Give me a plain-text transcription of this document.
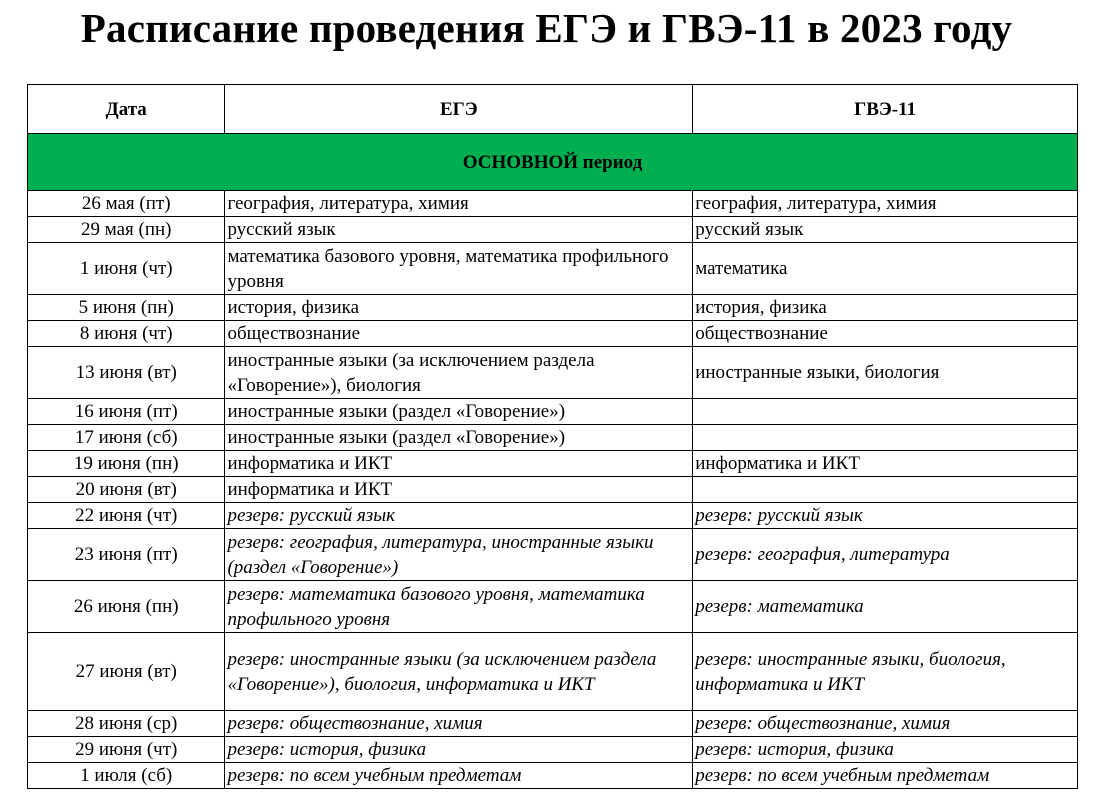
Расписание проведения ЕГЭ и ГВЭ-11 в 2023 году
Дата	ЕГЭ	ГВЭ-11
ОСНОВНОЙ период		
26 мая (пт)	география, литература, химия	география, литература, химия
29 мая (пн)	русский язык	русский язык
1 июня (чт)	математика базового уровня, математика профильного уровня	математика
5 июня (пн)	история, физика	история, физика
8 июня (чт)	обществознание	обществознание
13 июня (вт)	иностранные языки (за исключением раздела «Говорение»), биология	иностранные языки, биология
16 июня (пт)	иностранные языки (раздел «Говорение»)	
17 июня (сб)	иностранные языки (раздел «Говорение»)	
19 июня (пн)	информатика и ИКТ	информатика и ИКТ
20 июня (вт)	информатика и ИКТ	
22 июня (чт)	резерв: русский язык	резерв: русский язык
23 июня (пт)	резерв: география, литература, иностранные языки (раздел «Говорение»)	резерв: география, литература
26 июня (пн)	резерв: математика базового уровня, математика профильного уровня	резерв: математика
27 июня (вт)	резерв: иностранные языки (за исключением раздела «Говорение»), биология, информатика и ИКТ	резерв: иностранные языки, биология, информатика и ИКТ
28 июня (ср)	резерв: обществознание, химия	резерв: обществознание, химия
29 июня (чт)	резерв: история, физика	резерв: история, физика
1 июля (сб)	резерв: по всем учебным предметам	резерв: по всем учебным предметам
